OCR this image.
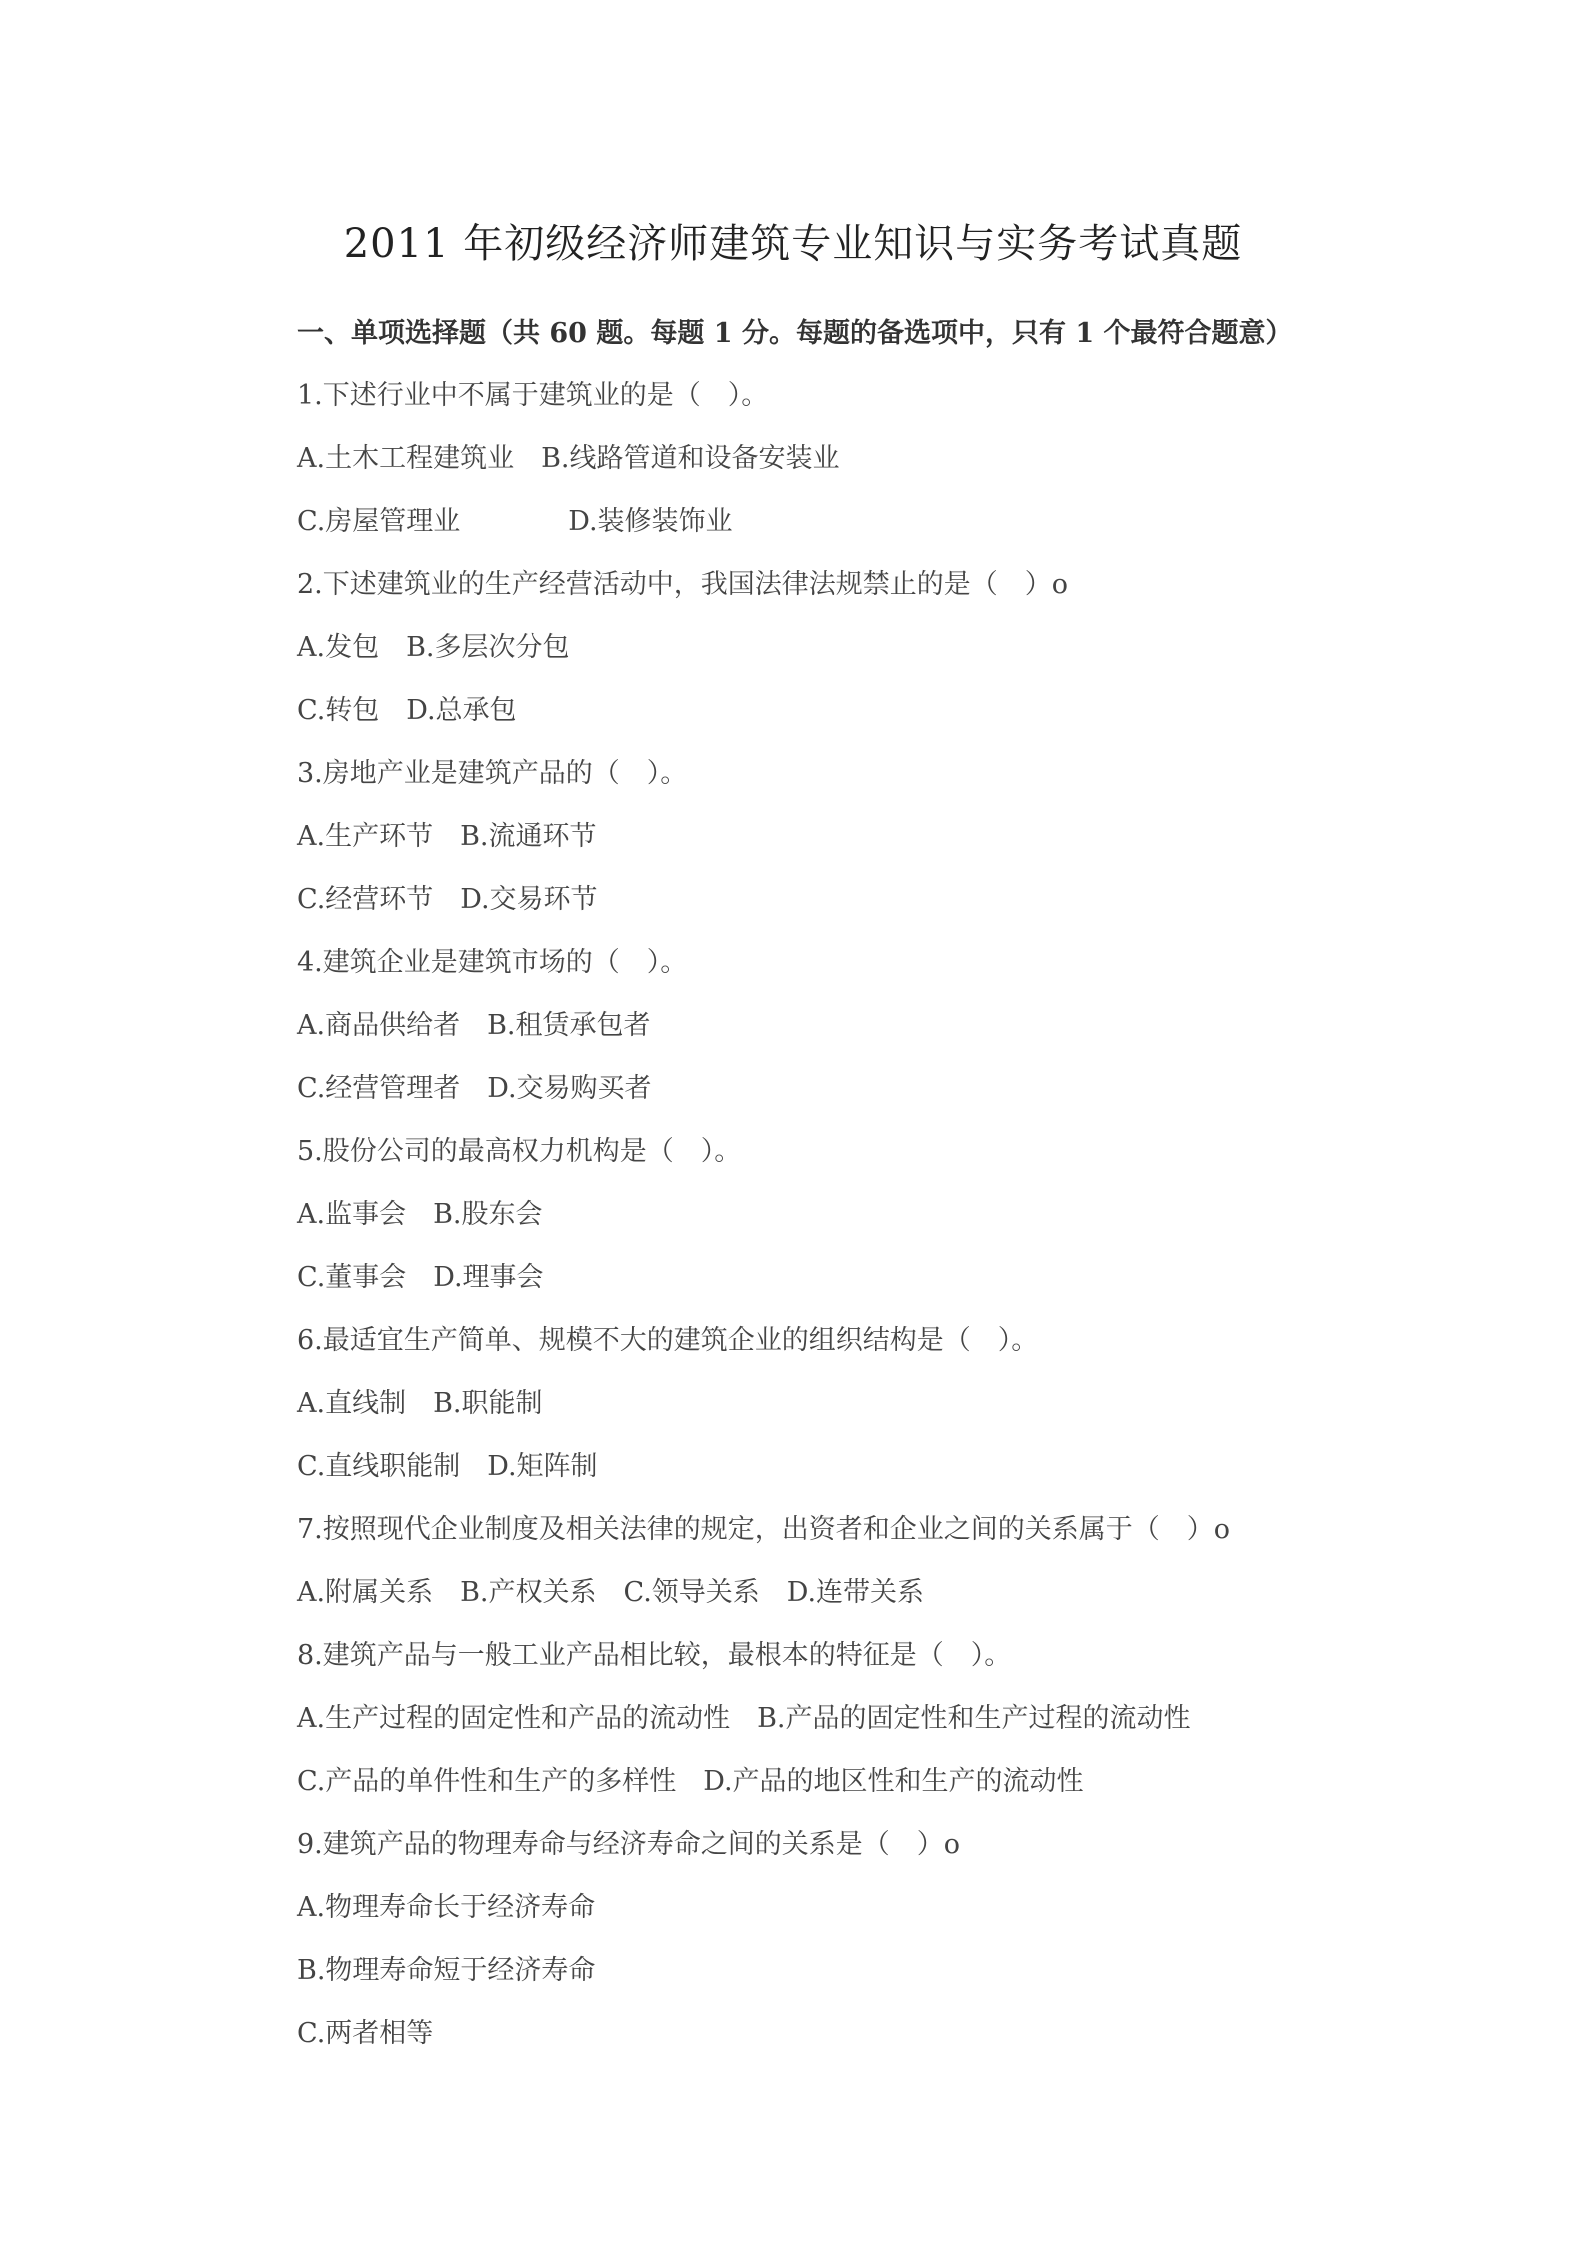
2011 年初级经济师建筑专业知识与实务考试真题
一、单项选择题（共 60 题。每题 1 分。每题的备选项中，只有 1 个最符合题意）
1.下述行业中不属于建筑业的是（　）。
A.土木工程建筑业　B.线路管道和设备安装业
C.房屋管理业　　　　D.装修装饰业
2.下述建筑业的生产经营活动中，我国法律法规禁止的是（　）o
A.发包　B.多层次分包
C.转包　D.总承包
3.房地产业是建筑产品的（　）。
A.生产环节　B.流通环节
C.经营环节　D.交易环节
4.建筑企业是建筑市场的（　）。
A.商品供给者　B.租赁承包者
C.经营管理者　D.交易购买者
5.股份公司的最高权力机构是（　）。
A.监事会　B.股东会
C.董事会　D.理事会
6.最适宜生产简单、规模不大的建筑企业的组织结构是（　）。
A.直线制　B.职能制
C.直线职能制　D.矩阵制
7.按照现代企业制度及相关法律的规定，出资者和企业之间的关系属于（　）o
A.附属关系　B.产权关系　C.领导关系　D.连带关系
8.建筑产品与一般工业产品相比较，最根本的特征是（　）。
A.生产过程的固定性和产品的流动性　B.产品的固定性和生产过程的流动性
C.产品的单件性和生产的多样性　D.产品的地区性和生产的流动性
9.建筑产品的物理寿命与经济寿命之间的关系是（　）o
A.物理寿命长于经济寿命
B.物理寿命短于经济寿命
C.两者相等
